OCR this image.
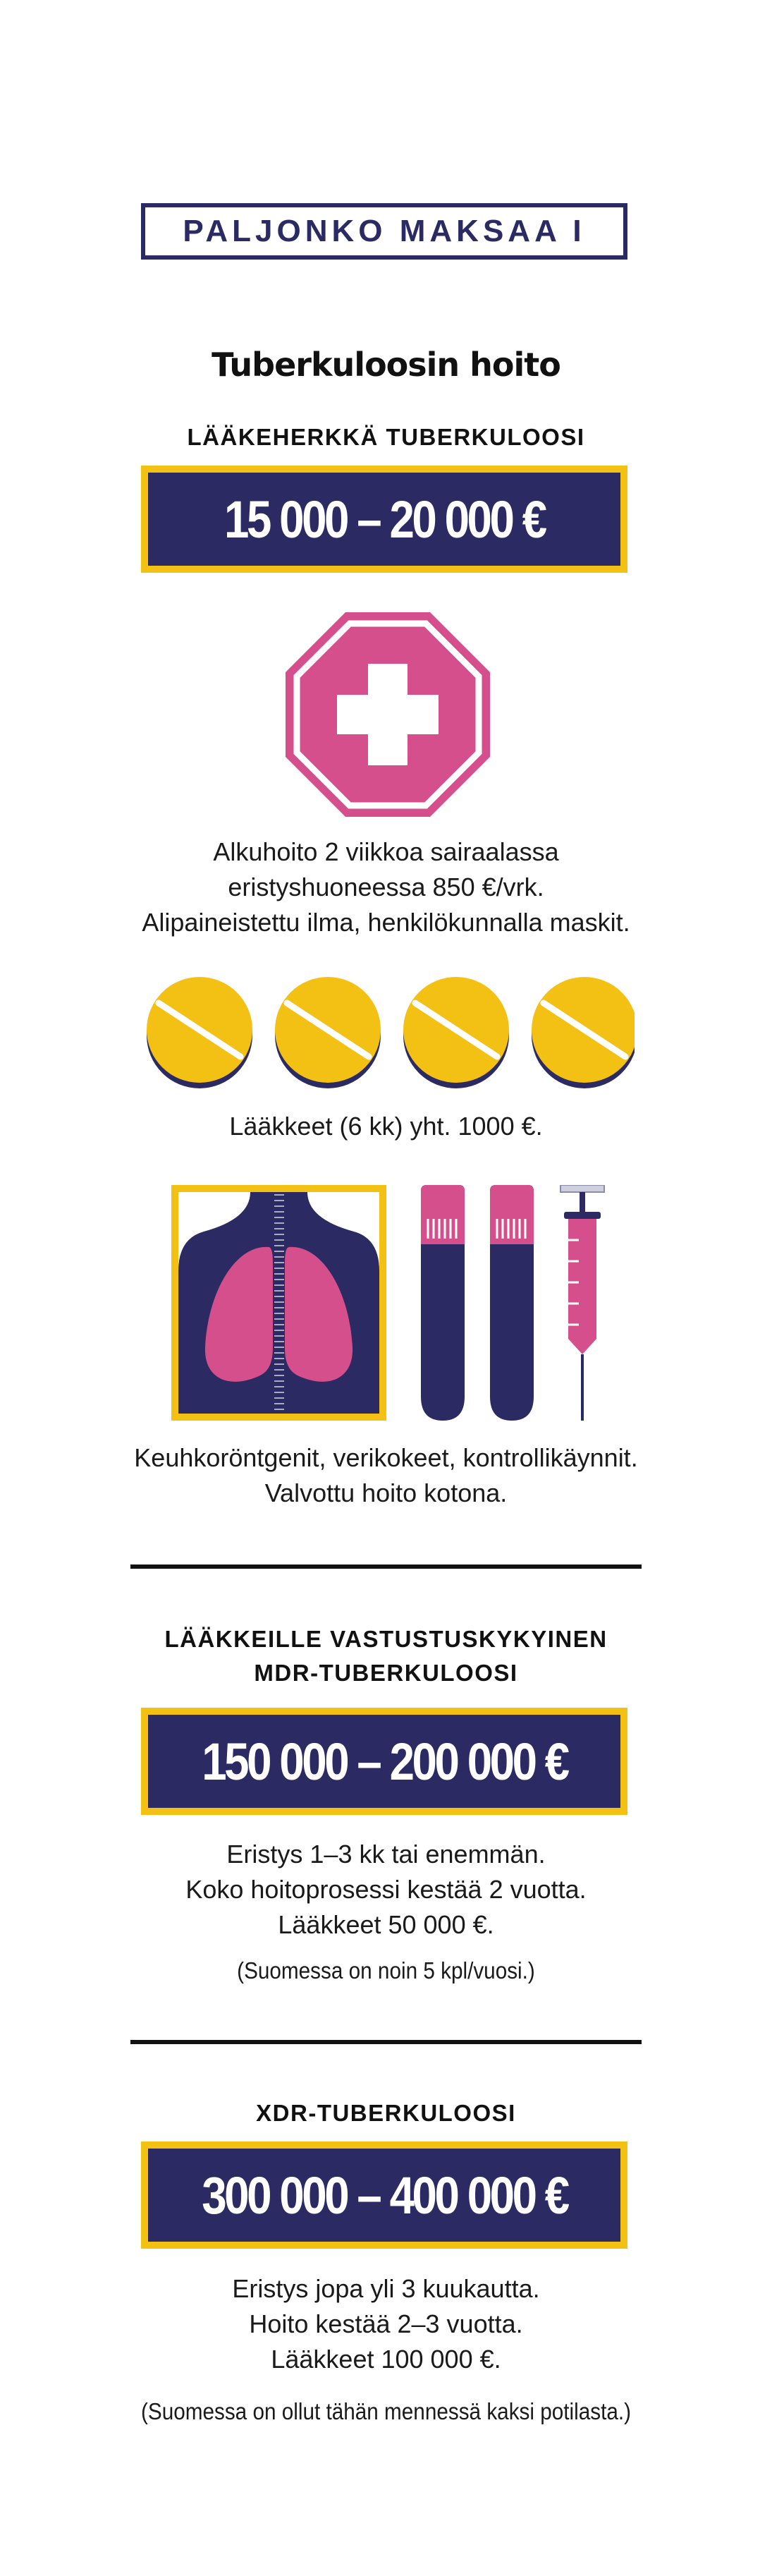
PALJONKO MAKSAA I
Tuberkuloosin hoito
LÄÄKEHERKKÄ TUBERKULOOSI
15 000 – 20 000 €
Alkuhoito 2 viikkoa sairaalassa
eristyshuoneessa 850 €/vrk.
Alipaineistettu ilma, henkilökunnalla maskit.
Lääkkeet (6 kk) yht. 1000 €.
Keuhkoröntgenit, verikokeet, kontrollikäynnit.
Valvottu hoito kotona.
LÄÄKKEILLE VASTUSTUSKYKYINEN
MDR-TUBERKULOOSI
150 000 – 200 000 €
Eristys 1–3 kk tai enemmän.
Koko hoitoprosessi kestää 2 vuotta.
Lääkkeet 50 000 €.
(Suomessa on noin 5 kpl/vuosi.)
XDR-TUBERKULOOSI
300 000 – 400 000 €
Eristys jopa yli 3 kuukautta.
Hoito kestää 2–3 vuotta.
Lääkkeet 100 000 €.
(Suomessa on ollut tähän mennessä kaksi potilasta.)
